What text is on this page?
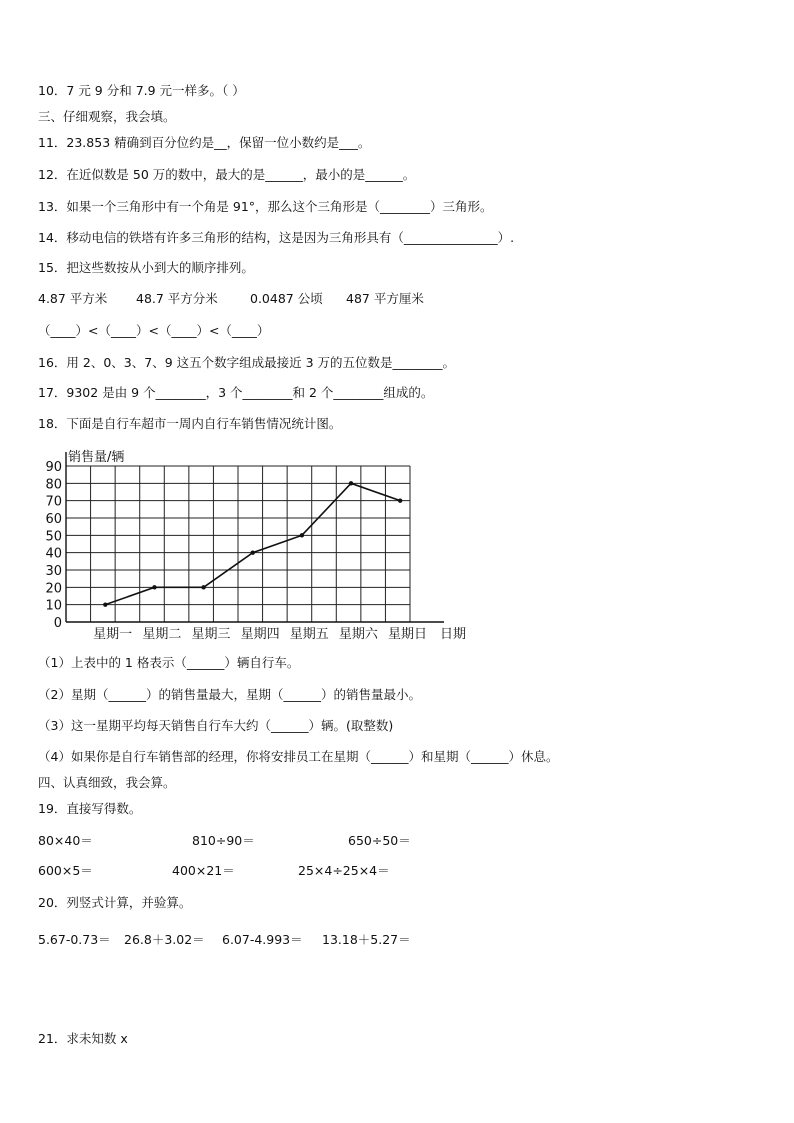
10．7 元 9 分和 7.9 元一样多。（ ）
三、仔细观察，我会填。
11．23.853 精确到百分位约是__，保留一位小数约是___。
12．在近似数是 50 万的数中，最大的是______，最小的是______。
13．如果一个三角形中有一个角是 91°，那么这个三角形是（________）三角形。
14．移动电信的铁塔有许多三角形的结构，这是因为三角形具有（_______________）.
15．把这些数按从小到大的顺序排列。
4.87 平方米 48.7 平方分米	0.0487 公顷 487 平方厘米
（____）<（____）<（____）<（____）
16．用 2、0、3、7、9 这五个数字组成最接近 3 万的五位数是________。
17．9302 是由 9 个________，3 个________和 2 个________组成的。
18．下面是自行车超市一周内自行车销售情况统计图。
0
10
20
30
40
50
60
70
80
90
销售量/辆
星期一 星期二 星期三 星期四 星期五 星期六 星期日 日期
（1）上表中的 1 格表示（______）辆自行车。
（2）星期（______）的销售量最大，星期（______）的销售量最小。
（3）这一星期平均每天销售自行车大约（______）辆。(取整数)
（4）如果你是自行车销售部的经理，你将安排员工在星期（______）和星期（______）休息。
四、认真细致，我会算。
19．直接写得数。
80×40＝	810÷90＝	650÷50＝
600×5＝	400×21＝	25×4÷25×4＝
20．列竖式计算，并验算。
5.67-0.73＝ 26.8＋3.02＝ 6.07-4.993＝ 13.18＋5.27＝
21．求未知数 x
